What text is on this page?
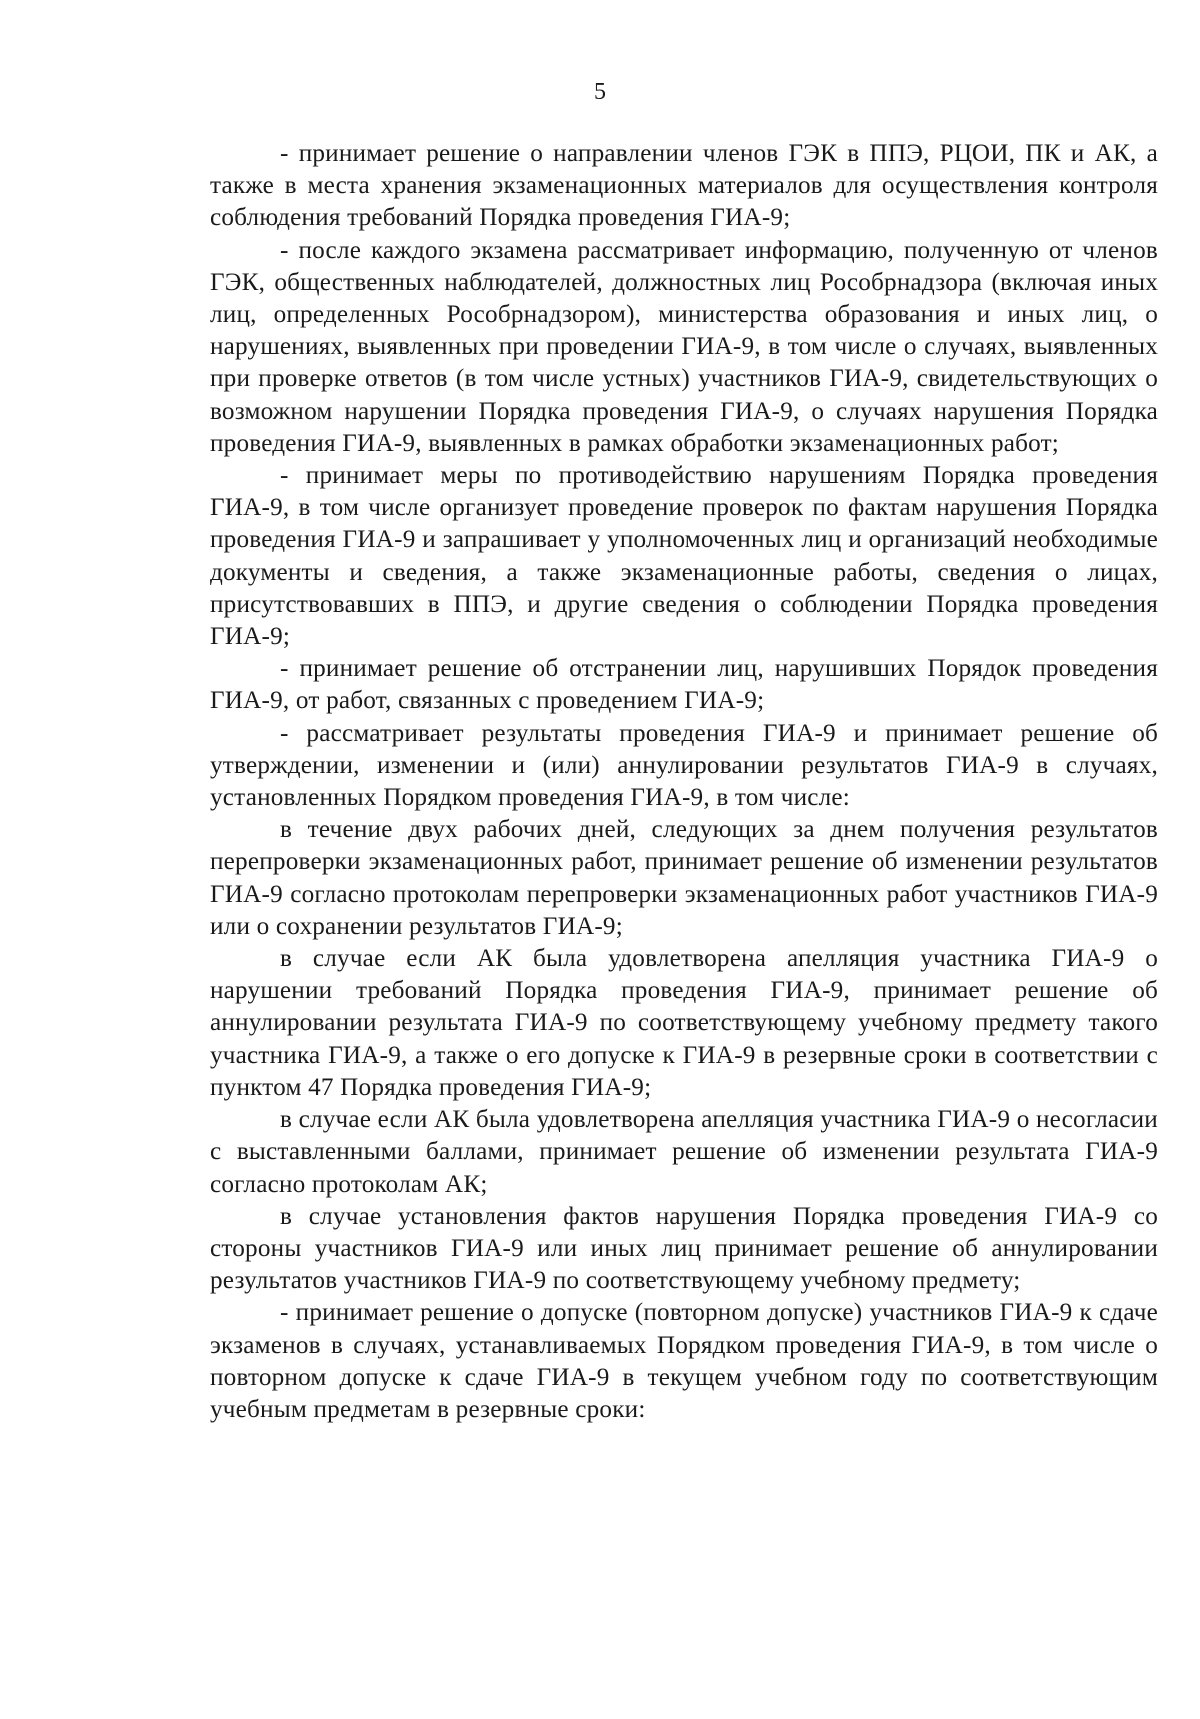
5

- принимает решение о направлении членов ГЭК в ППЭ, РЦОИ, ПК и АК, а также в места хранения экзаменационных материалов для осуществления контроля соблюдения требований Порядка проведения ГИА-9;

- после каждого экзамена рассматривает информацию, полученную от членов ГЭК, общественных наблюдателей, должностных лиц Рособрнадзора (включая иных лиц, определенных Рособрнадзором), министерства образования и иных лиц, о нарушениях, выявленных при проведении ГИА-9, в том числе о случаях, выявленных при проверке ответов (в том числе устных) участников ГИА-9, свидетельствующих о возможном нарушении Порядка проведения ГИА-9, о случаях нарушения Порядка проведения ГИА-9, выявленных в рамках обработки экзаменационных работ;

- принимает меры по противодействию нарушениям Порядка проведения ГИА-9, в том числе организует проведение проверок по фактам нарушения Порядка проведения ГИА-9 и запрашивает у уполномоченных лиц и организаций необходимые документы и сведения, а также экзаменационные работы, сведения о лицах, присутствовавших в ППЭ, и другие сведения о соблюдении Порядка проведения ГИА-9;

- принимает решение об отстранении лиц, нарушивших Порядок проведения ГИА-9, от работ, связанных с проведением ГИА-9;

- рассматривает результаты проведения ГИА-9 и принимает решение об утверждении, изменении и (или) аннулировании результатов ГИА-9 в случаях, установленных Порядком проведения ГИА-9, в том числе:

в течение двух рабочих дней, следующих за днем получения результатов перепроверки экзаменационных работ, принимает решение об изменении результатов ГИА-9 согласно протоколам перепроверки экзаменационных работ участников ГИА-9 или о сохранении результатов ГИА-9;

в случае если АК была удовлетворена апелляция участника ГИА-9 о нарушении требований Порядка проведения ГИА-9, принимает решение об аннулировании результата ГИА-9 по соответствующему учебному предмету такого участника ГИА-9, а также о его допуске к ГИА-9 в резервные сроки в соответствии с пунктом 47 Порядка проведения ГИА-9;

в случае если АК была удовлетворена апелляция участника ГИА-9 о несогласии с выставленными баллами, принимает решение об изменении результата ГИА-9 согласно протоколам АК;

в случае установления фактов нарушения Порядка проведения ГИА-9 со стороны участников ГИА-9 или иных лиц принимает решение об аннулировании результатов участников ГИА-9 по соответствующему учебному предмету;

- принимает решение о допуске (повторном допуске) участников ГИА-9 к сдаче экзаменов в случаях, устанавливаемых Порядком проведения ГИА-9, в том числе о повторном допуске к сдаче ГИА-9 в текущем учебном году по соответствующим учебным предметам в резервные сроки:
